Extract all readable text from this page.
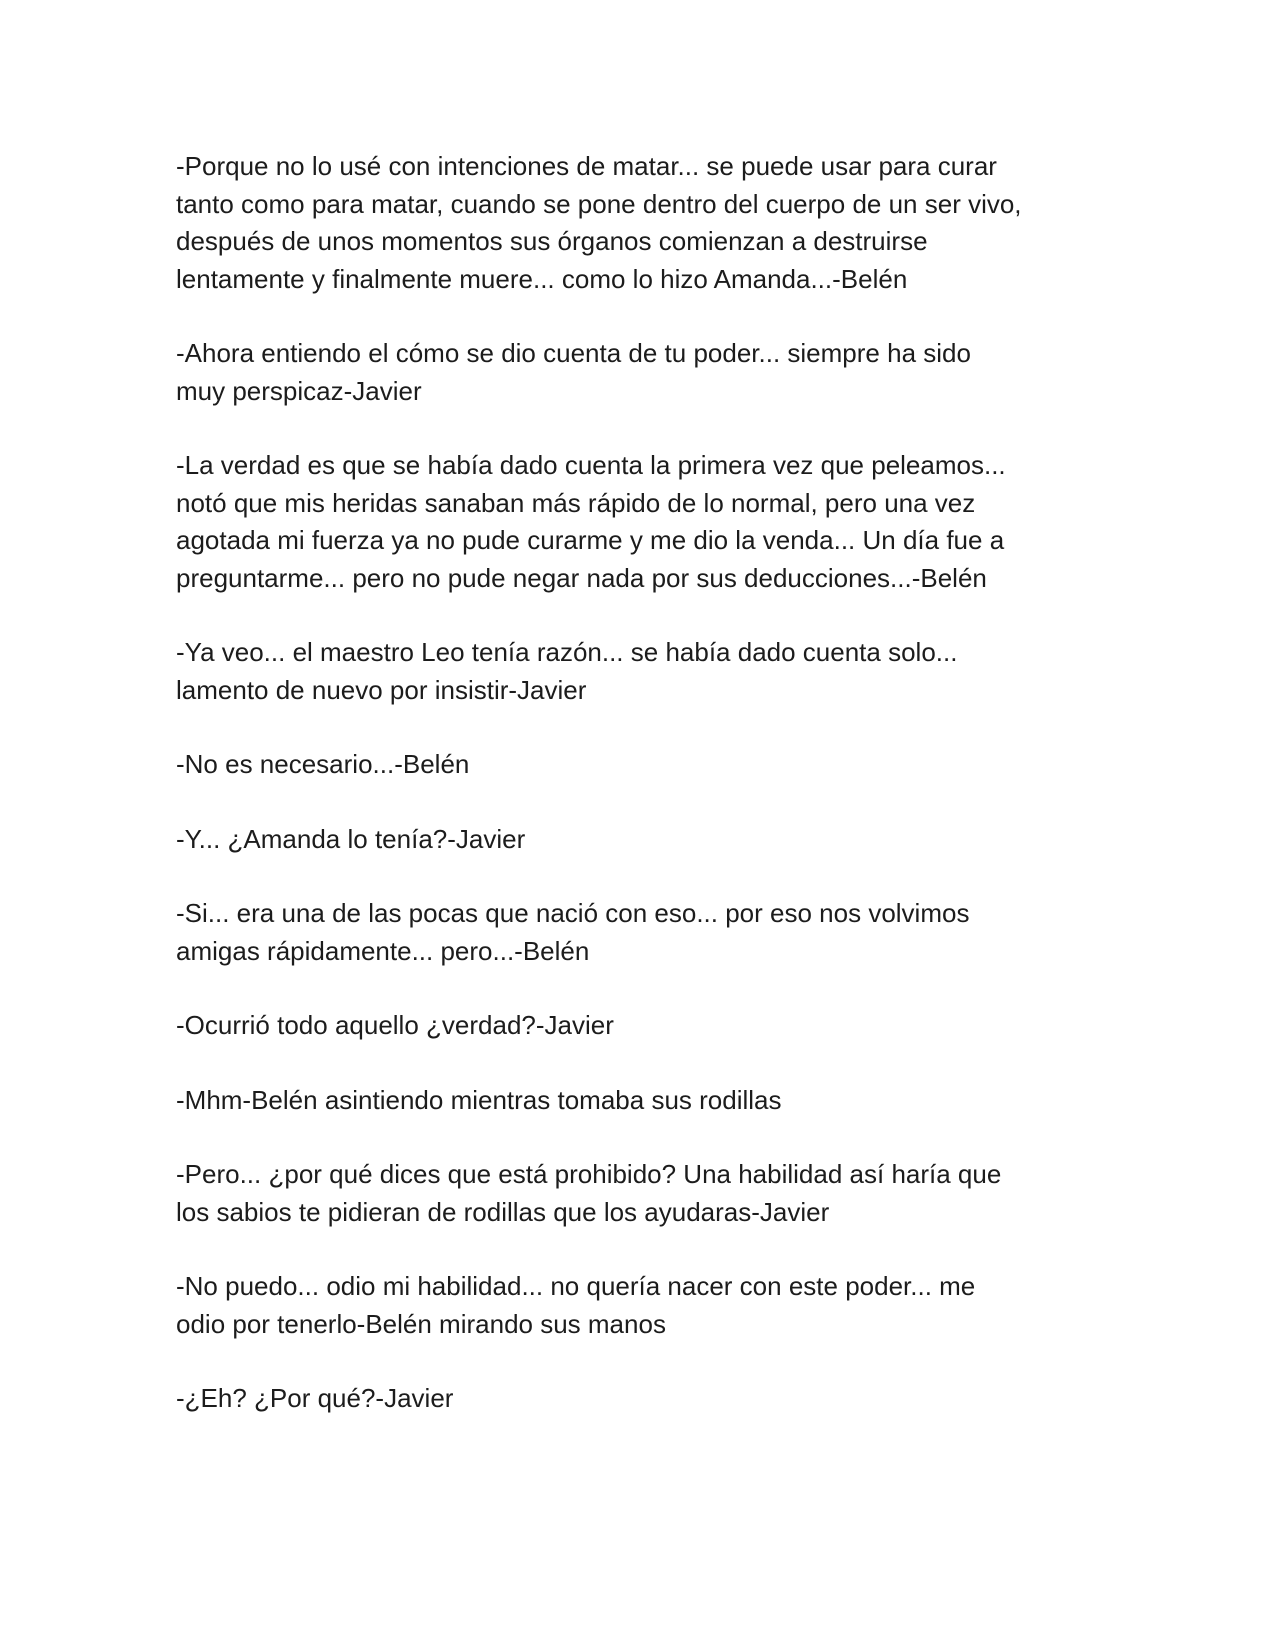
-Porque no lo usé con intenciones de matar... se puede usar para curar
tanto como para matar, cuando se pone dentro del cuerpo de un ser vivo,
después de unos momentos sus órganos comienzan a destruirse
lentamente y finalmente muere... como lo hizo Amanda...-Belén

-Ahora entiendo el cómo se dio cuenta de tu poder... siempre ha sido
muy perspicaz-Javier

-La verdad es que se había dado cuenta la primera vez que peleamos...
notó que mis heridas sanaban más rápido de lo normal, pero una vez
agotada mi fuerza ya no pude curarme y me dio la venda... Un día fue a
preguntarme... pero no pude negar nada por sus deducciones...-Belén

-Ya veo... el maestro Leo tenía razón... se había dado cuenta solo...
lamento de nuevo por insistir-Javier

-No es necesario...-Belén

-Y... ¿Amanda lo tenía?-Javier

-Si... era una de las pocas que nació con eso... por eso nos volvimos
amigas rápidamente... pero...-Belén

-Ocurrió todo aquello ¿verdad?-Javier

-Mhm-Belén asintiendo mientras tomaba sus rodillas

-Pero... ¿por qué dices que está prohibido? Una habilidad así haría que
los sabios te pidieran de rodillas que los ayudaras-Javier

-No puedo... odio mi habilidad... no quería nacer con este poder... me
odio por tenerlo-Belén mirando sus manos

-¿Eh? ¿Por qué?-Javier
